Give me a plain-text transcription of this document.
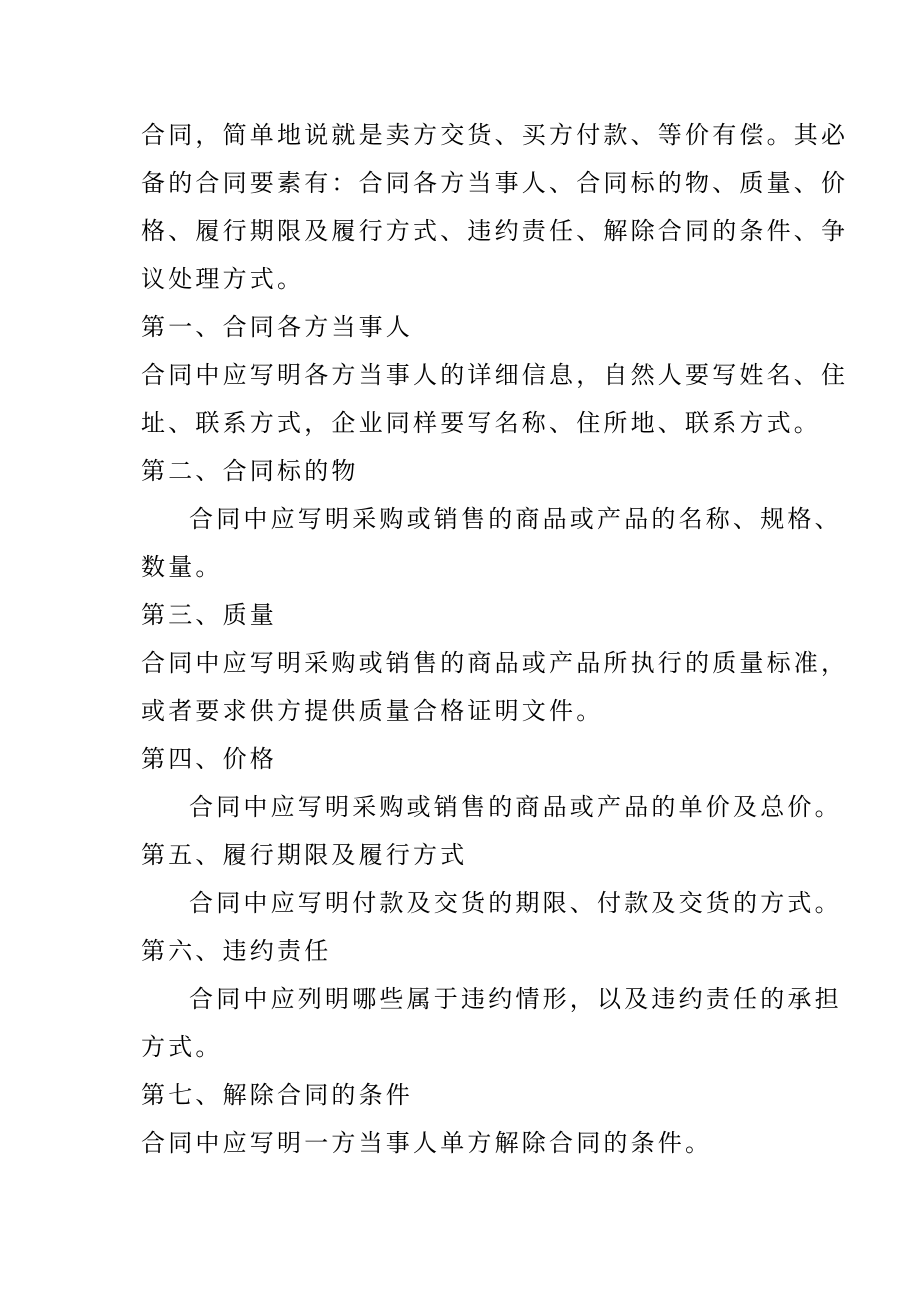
合同，简单地说就是卖方交货、买方付款、等价有偿。其必
备的合同要素有：合同各方当事人、合同标的物、质量、价
格、履行期限及履行方式、违约责任、解除合同的条件、争
议处理方式。
第一、合同各方当事人
合同中应写明各方当事人的详细信息，自然人要写姓名、住
址、联系方式，企业同样要写名称、住所地、联系方式。
第二、合同标的物
合同中应写明采购或销售的商品或产品的名称、规格、
数量。
第三、质量
合同中应写明采购或销售的商品或产品所执行的质量标准，
或者要求供方提供质量合格证明文件。
第四、价格
合同中应写明采购或销售的商品或产品的单价及总价。
第五、履行期限及履行方式
合同中应写明付款及交货的期限、付款及交货的方式。
第六、违约责任
合同中应列明哪些属于违约情形，以及违约责任的承担
方式。
第七、解除合同的条件
合同中应写明一方当事人单方解除合同的条件。
